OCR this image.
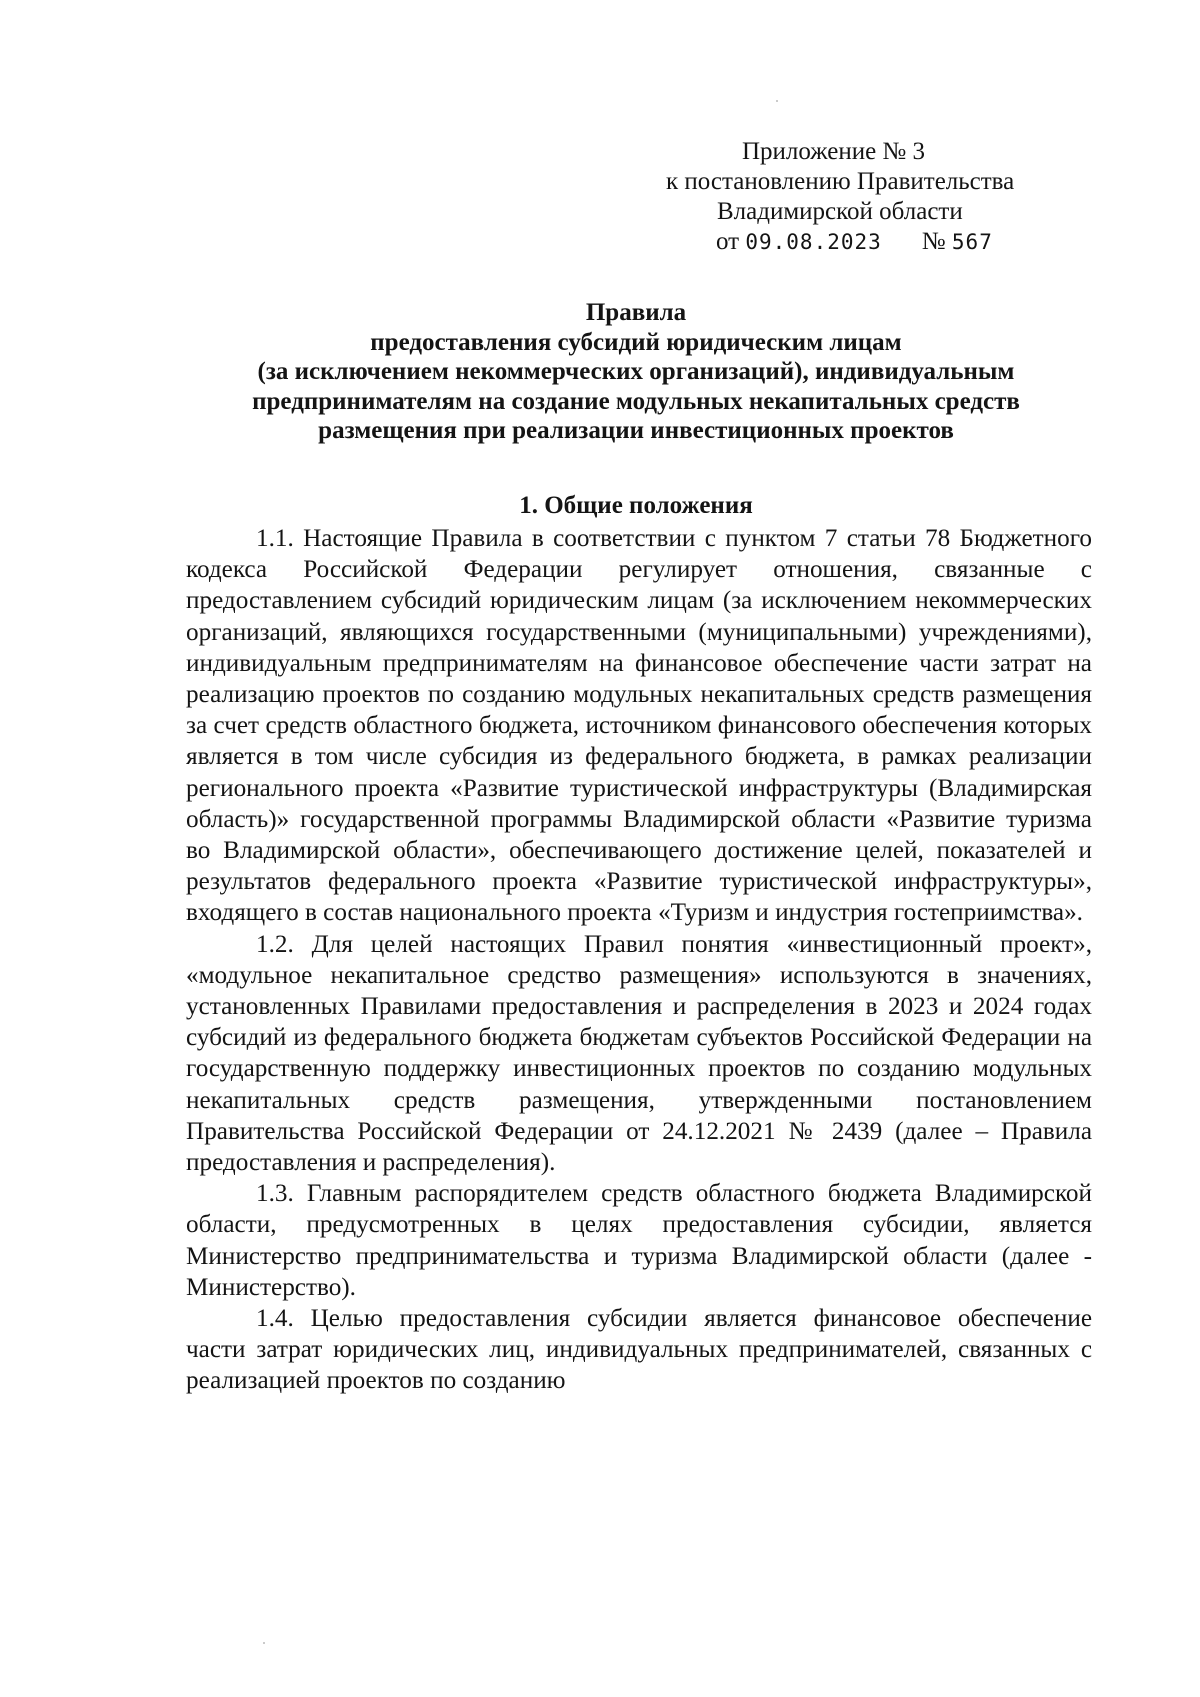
Приложение № 3
к постановлению Правительства
Владимирской области
от 09.08.2023 № 567
Правила
предоставления субсидий юридическим лицам
(за исключением некоммерческих организаций), индивидуальным
предпринимателям на создание модульных некапитальных средств
размещения при реализации инвестиционных проектов
1. Общие положения

1.1. Настоящие Правила в соответствии с пунктом 7 статьи 78 Бюджетного кодекса Российской Федерации регулирует отношения, связанные с предоставлением субсидий юридическим лицам (за исключением некоммерческих организаций, являющихся государственными (муниципальными) учреждениями), индивидуальным предпринимателям на финансовое обеспечение части затрат на реализацию проектов по созданию модульных некапитальных средств размещения за счет средств областного бюджета, источником финансового обеспечения которых является в том числе субсидия из федерального бюджета, в рамках реализации регионального проекта «Развитие туристической инфраструктуры (Владимирская область)» государственной программы Владимирской области «Развитие туризма во Владимирской области», обеспечивающего достижение целей, показателей и результатов федерального проекта «Развитие туристической инфраструктуры», входящего в состав национального проекта «Туризм и индустрия гостеприимства».

1.2. Для целей настоящих Правил понятия «инвестиционный проект», «модульное некапитальное средство размещения» используются в значениях, установленных Правилами предоставления и распределения в 2023 и 2024 годах субсидий из федерального бюджета бюджетам субъектов Российской Федерации на государственную поддержку инвестиционных проектов по созданию модульных некапитальных средств размещения, утвержденными постановлением Правительства Российской Федерации от 24.12.2021 № 2439 (далее – Правила предоставления и распределения).

1.3. Главным распорядителем средств областного бюджета Владимирской области, предусмотренных в целях предоставления субсидии, является Министерство предпринимательства и туризма Владимирской области (далее - Министерство).

1.4. Целью предоставления субсидии является финансовое обеспечение части затрат юридических лиц, индивидуальных предпринимателей, связанных с реализацией проектов по созданию
